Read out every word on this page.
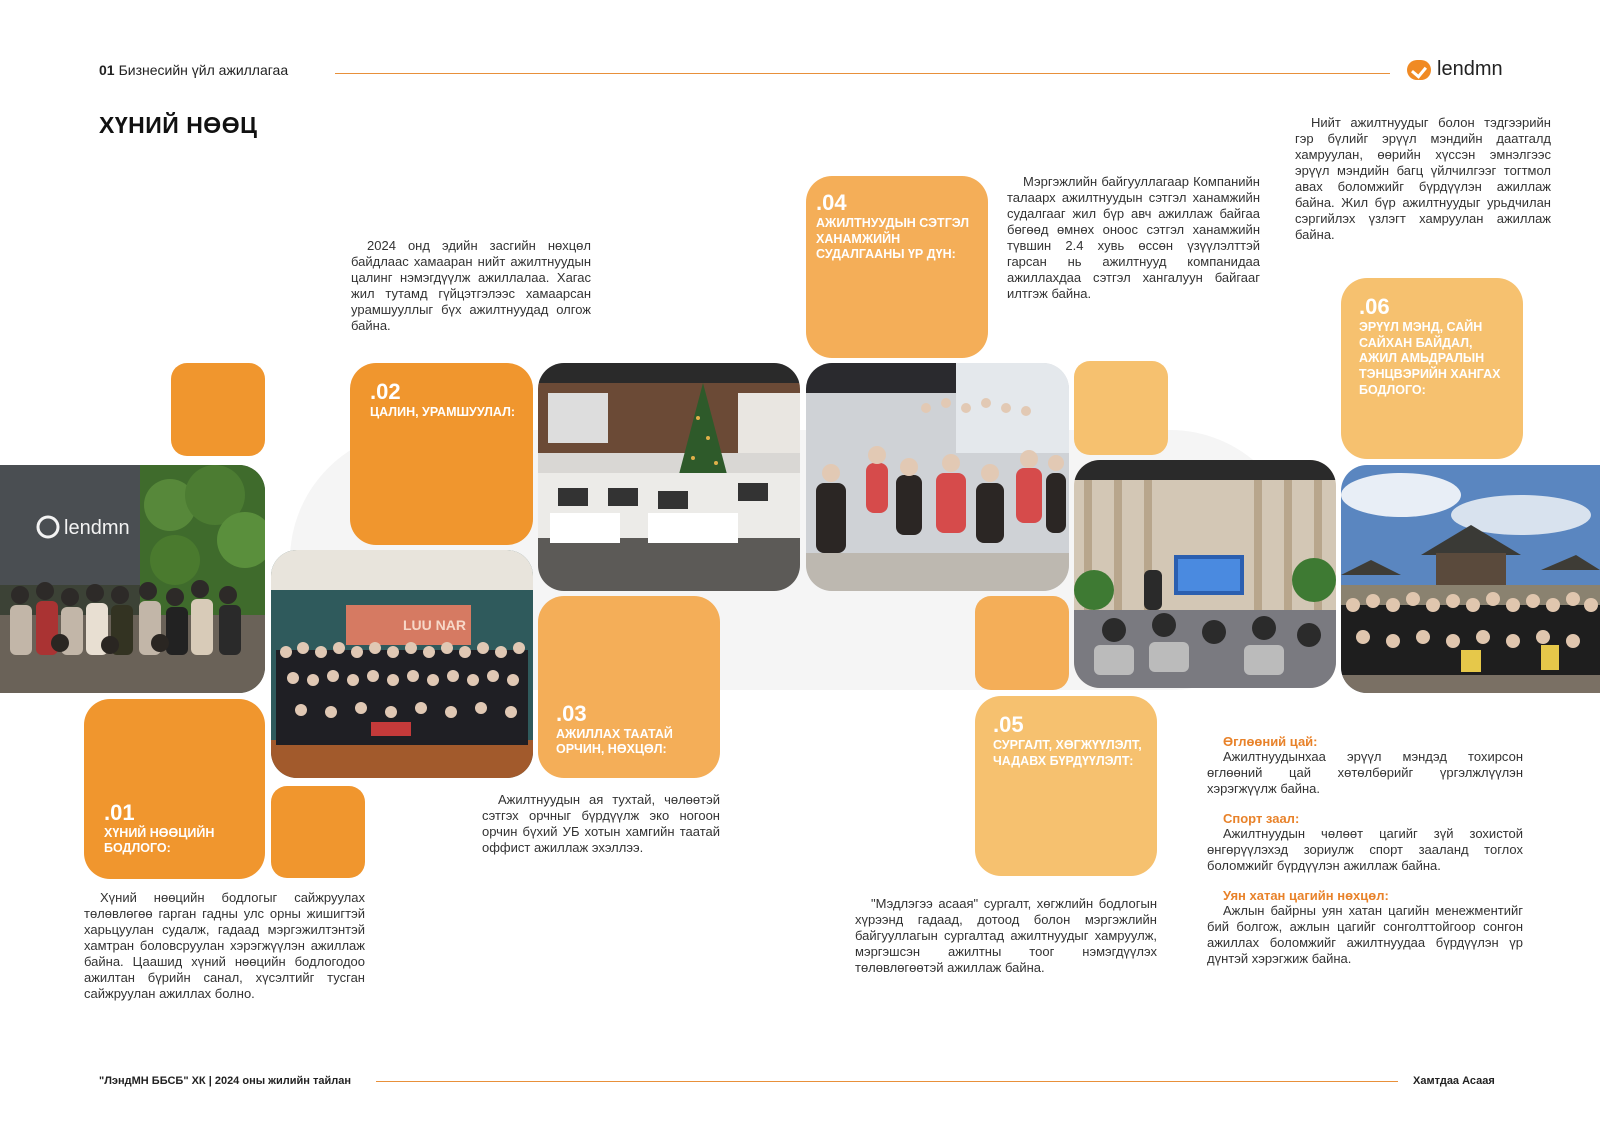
01 Бизнесийн үйл ажиллагаа	lendmn
ХҮНИЙ НӨӨЦ
lendmn
LUU NAR
.01
ХҮНИЙ НӨӨЦИЙН БОДЛОГО:
.02
ЦАЛИН, УРАМШУУЛАЛ:
.03
АЖИЛЛАХ ТААТАЙ ОРЧИН, НӨХЦӨЛ:
.04
АЖИЛТНУУДЫН СЭТГЭЛ ХАНАМЖИЙН СУДАЛГААНЫ ҮР ДҮН:
.05
СУРГАЛТ, ХӨГЖҮҮЛЭЛТ, ЧАДАВХ БҮРДҮҮЛЭЛТ:
.06
ЭРҮҮЛ МЭНД, САЙН САЙХАН БАЙДАЛ, АЖИЛ АМЬДРАЛЫН ТЭНЦВЭРИЙН ХАНГАХ БОДЛОГО:

Хүний нөөцийн бодлогыг сайжруулах төлөвлөгөө гарган гадны улс орны жишигтэй харьцуулан судалж, гадаад мэргэжилтэнтэй хамтран боловсруулан хэрэгжүүлэн ажиллаж байна. Цаашид хүний нөөцийн бодлогодоо ажилтан бүрийн санал, хүсэлтийг тусган сайжруулан ажиллах болно.

2024 онд эдийн засгийн нөхцөл байдлаас хамааран нийт ажилтнуудын цалинг нэмэгдүүлж ажиллалаа. Хагас жил тутамд гүйцэтгэлээс хамаарсан урамшууллыг бүх ажилтнуудад олгож байна.

Ажилтнуудын ая тухтай, чөлөөтэй сэтгэх орчныг бүрдүүлж эко ногоон орчин бүхий УБ хотын хамгийн таатай оффист ажиллаж эхэллээ.

Мэргэжлийн байгууллагаар Компанийн талаарх ажилтнуудын сэтгэл ханамжийн судалгааг жил бүр авч ажиллаж байгаа бөгөөд өмнөх оноос сэтгэл ханамжийн түвшин 2.4 хувь өссөн үзүүлэлттэй гарсан нь ажилтнууд компанидаа ажиллахдаа сэтгэл хангалуун байгааг илтгэж байна.

"Мэдлэгээ асаая" сургалт, хөгжлийн бодлогын хүрээнд гадаад, дотоод болон мэргэжлийн байгууллагын сургалтад ажилтнуудыг хамруулж, мэргэшсэн ажилтны тоог нэмэгдүүлэх төлөвлөгөөтэй ажиллаж байна.

Нийт ажилтнуудыг болон тэдгээрийн гэр бүлийг эрүүл мэндийн даатгалд хамруулан, өөрийн хүссэн эмнэлгээс эрүүл мэндийн багц үйлчилгээг тогтмол авах боломжийг бүрдүүлэн ажиллаж байна. Жил бүр ажилтнуудыг урьдчилан сэргийлэх үзлэгт хамруулан ажиллаж байна.

Өглөөний цай:

Ажилтнуудынхаа эрүүл мэндэд тохирсон өглөөний цай хөтөлбөрийг үргэлжлүүлэн хэрэгжүүлж байна.

Спорт заал:

Ажилтнуудын чөлөөт цагийг зүй зохистой өнгөрүүлэхэд зориулж спорт зааланд тоглох боломжийг бүрдүүлэн ажиллаж байна.

Уян хатан цагийн нөхцөл:

Ажлын байрны уян хатан цагийн менежментийг бий болгож, ажлын цагийг сонголттойгоор сонгон ажиллах боломжийг ажилтнуудаа бүрдүүлэн үр дүнтэй хэрэгжиж байна.

"ЛэндМН ББСБ" ХК | 2024 оны жилийн тайлан	Хамтдаа Асаая
